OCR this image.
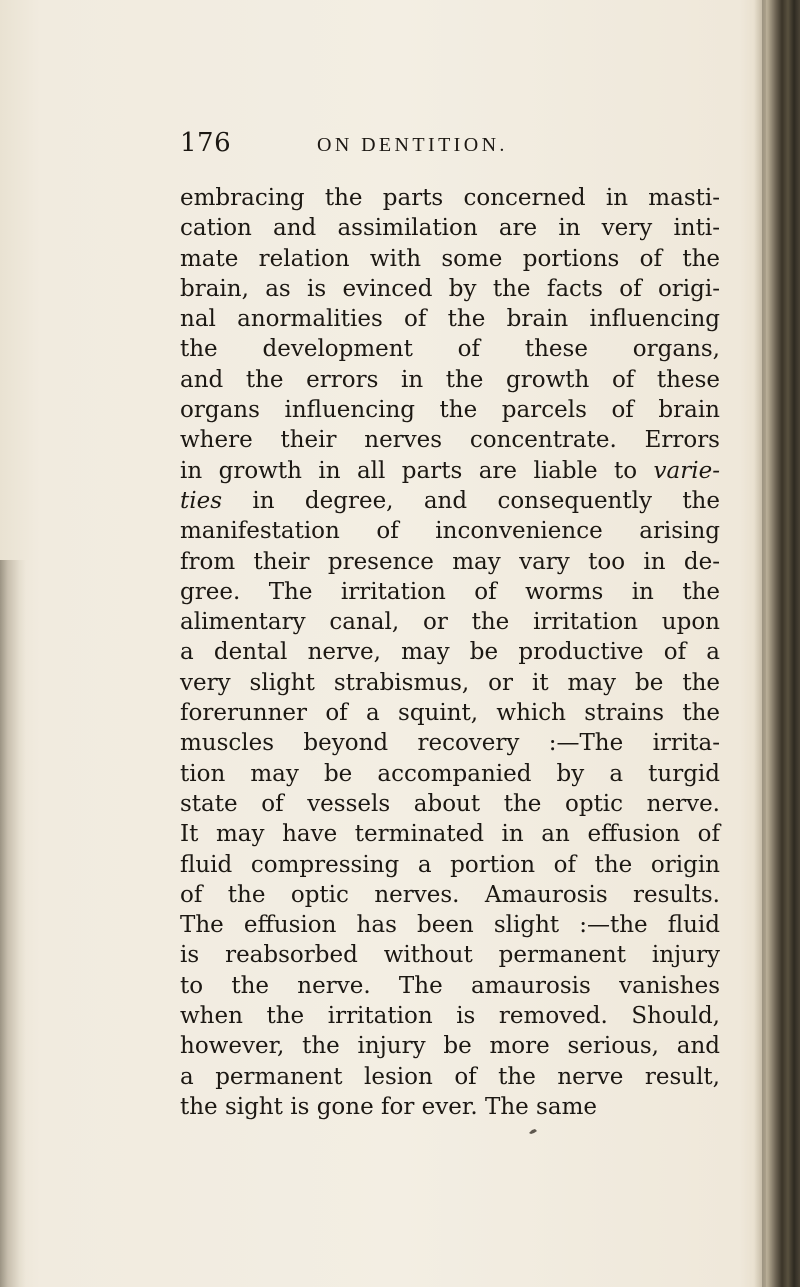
176	ON DENTITION.
embracing the parts concerned in masti-
cation and assimilation are in very inti-
mate relation with some portions of the
brain, as is evinced by the facts of origi-
nal anormalities of the brain influencing
the development of these organs,
and the errors in the growth of these
organs influencing the parcels of brain
where their nerves concentrate. Errors
in growth in all parts are liable to varie-
ties in degree, and consequently the
manifestation of inconvenience arising
from their presence may vary too in de-
gree. The irritation of worms in the
alimentary canal, or the irritation upon
a dental nerve, may be productive of a
very slight strabismus, or it may be the
forerunner of a squint, which strains the
muscles beyond recovery :—The irrita-
tion may be accompanied by a turgid
state of vessels about the optic nerve.
It may have terminated in an effusion of
fluid compressing a portion of the origin
of the optic nerves. Amaurosis results.
The effusion has been slight :—the fluid
is reabsorbed without permanent injury
to the nerve. The amaurosis vanishes
when the irritation is removed. Should,
however, the injury be more serious, and
a permanent lesion of the nerve result,
the sight is gone for ever. The same
